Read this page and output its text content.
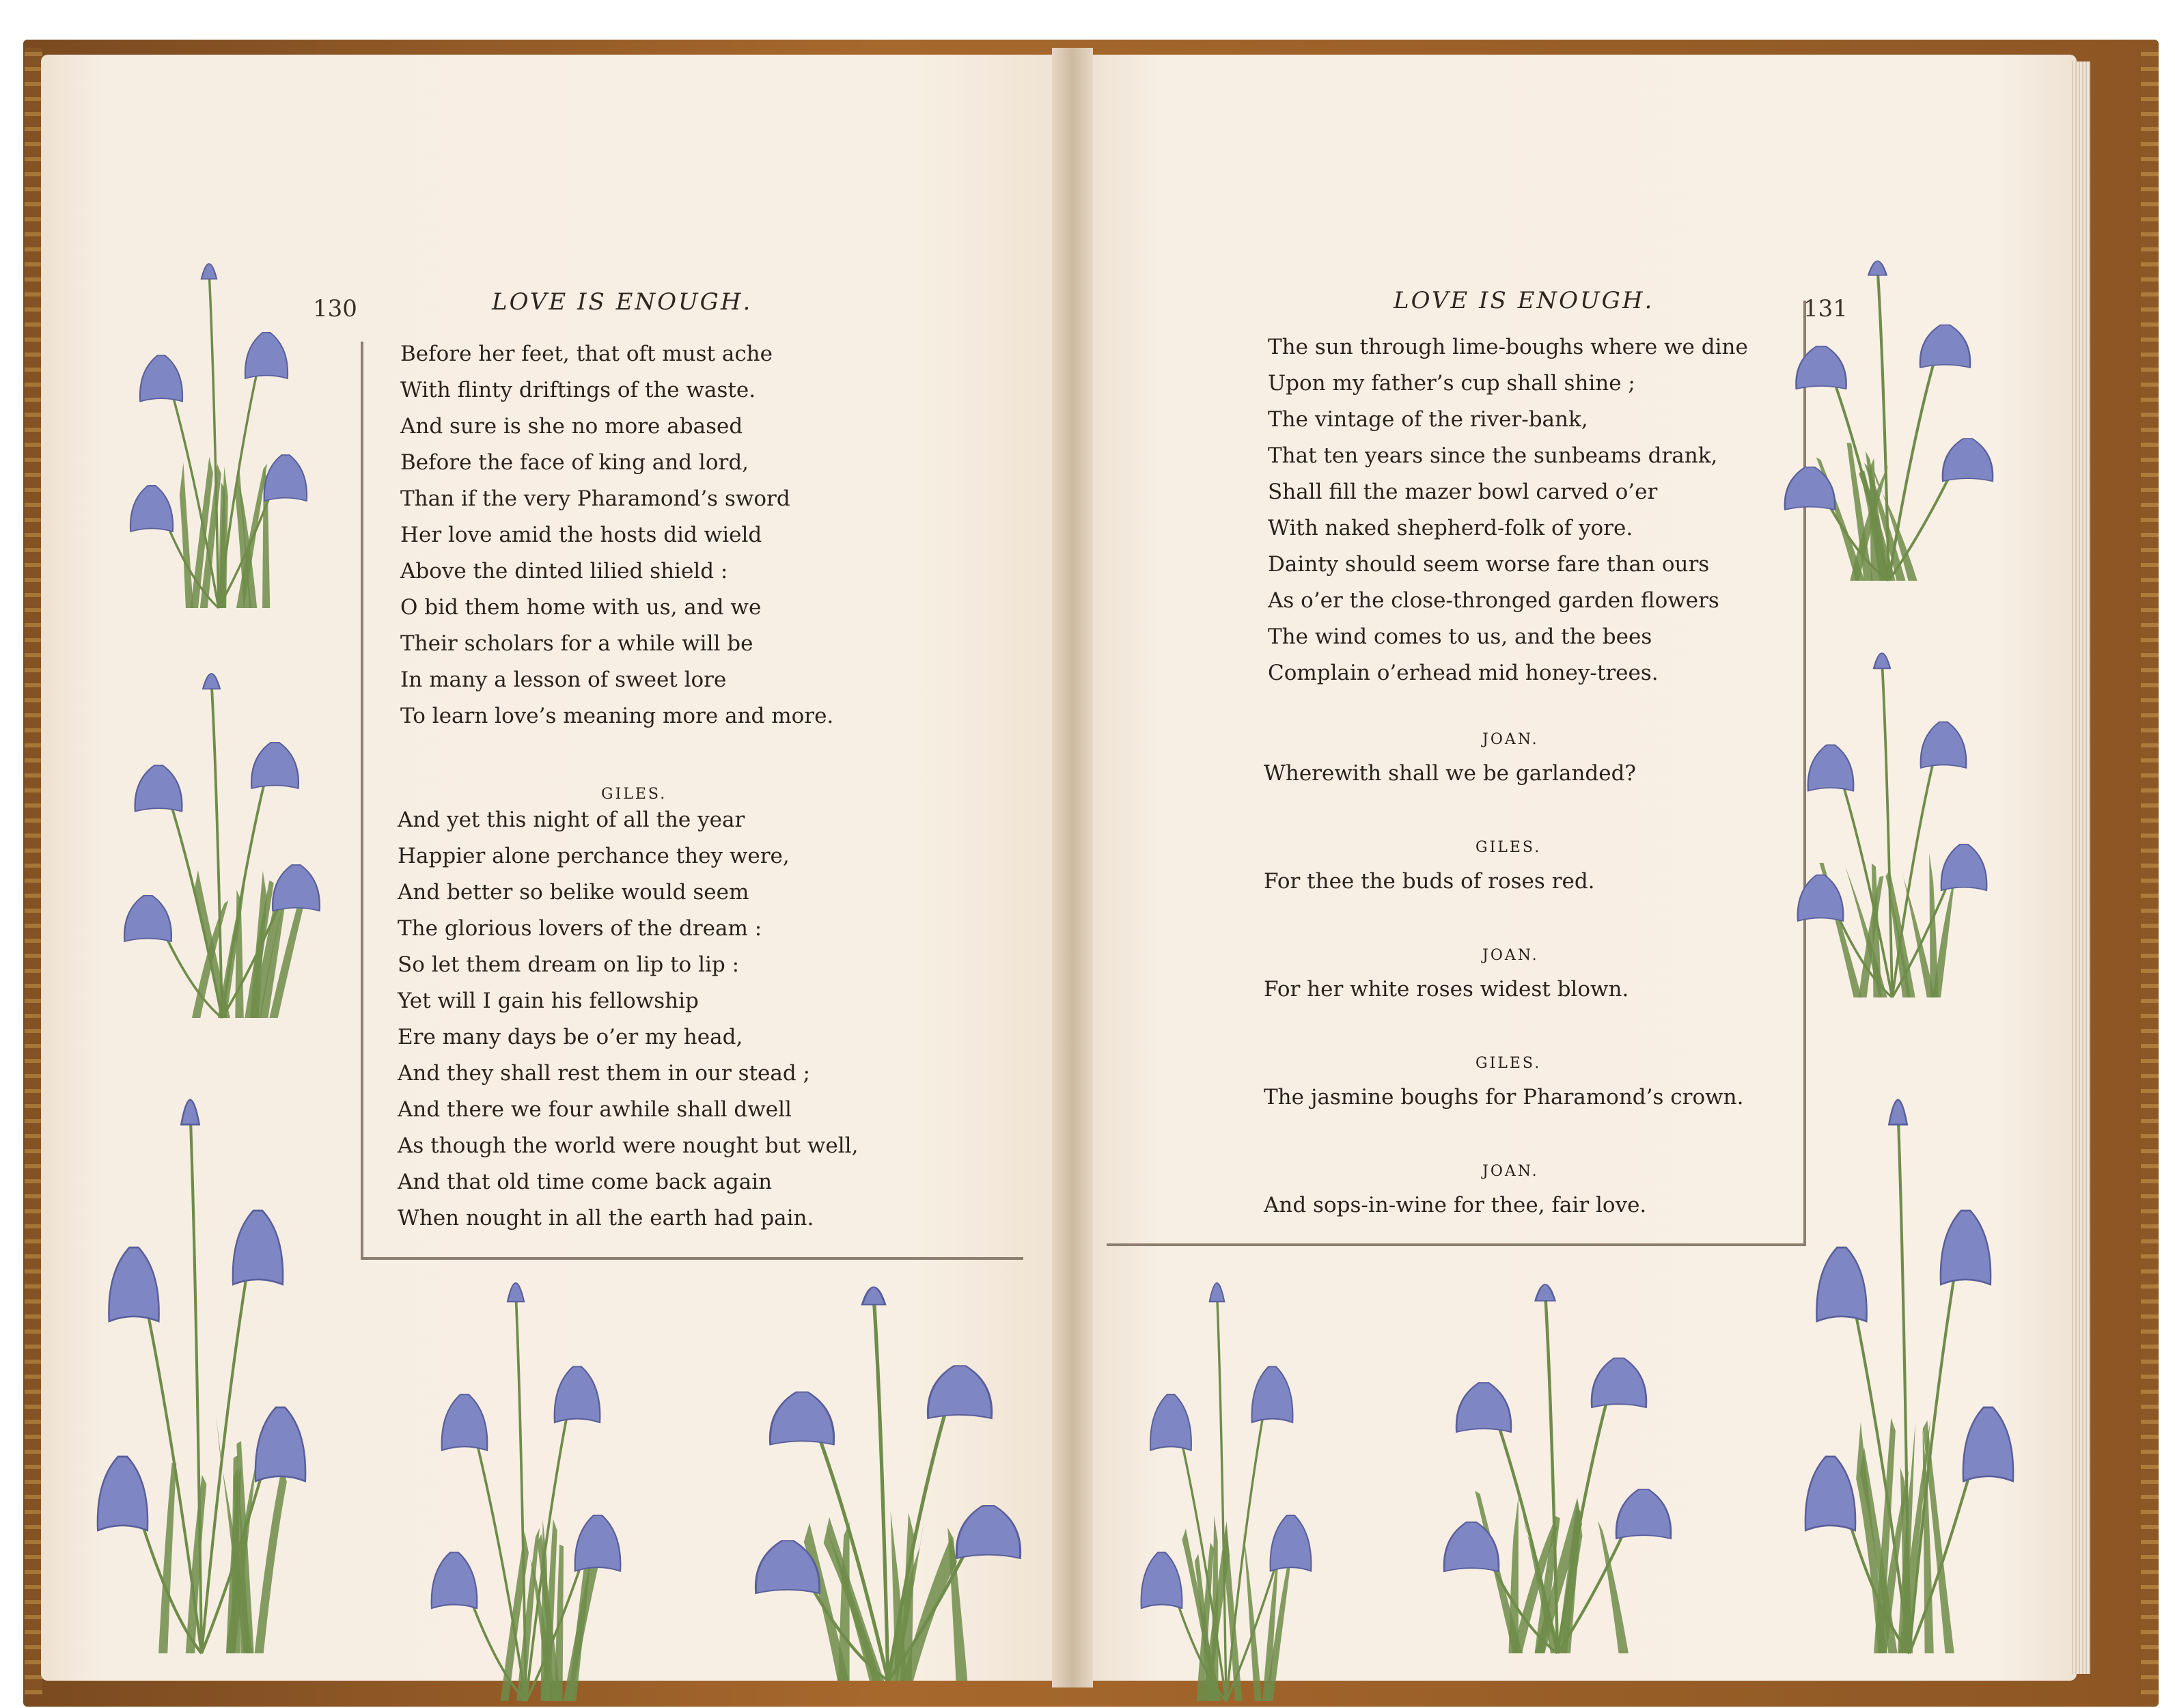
130	LOVE IS ENOUGH.
Before her feet, that oft must ache
With flinty driftings of the waste.
And sure is she no more abased
Before the face of king and lord,
Than if the very Pharamond’s sword
Her love amid the hosts did wield
Above the dinted lilied shield :
O bid them home with us, and we
Their scholars for a while will be
In many a lesson of sweet lore
To learn love’s meaning more and more.
GILES.
And yet this night of all the year
Happier alone perchance they were,
And better so belike would seem
The glorious lovers of the dream :
So let them dream on lip to lip :
Yet will I gain his fellowship
Ere many days be o’er my head,
And they shall rest them in our stead ;
And there we four awhile shall dwell
As though the world were nought but well,
And that old time come back again
When nought in all the earth had pain.
LOVE IS ENOUGH.	131
The sun through lime-boughs where we dine
Upon my father’s cup shall shine ;
The vintage of the river-bank,
That ten years since the sunbeams drank,
Shall fill the mazer bowl carved o’er
With naked shepherd-folk of yore.
Dainty should seem worse fare than ours
As o’er the close-thronged garden flowers
The wind comes to us, and the bees
Complain o’erhead mid honey-trees.
JOAN.
Wherewith shall we be garlanded?
GILES.
For thee the buds of roses red.
JOAN.
For her white roses widest blown.
GILES.
The jasmine boughs for Pharamond’s crown.
JOAN.
And sops-in-wine for thee, fair love.
